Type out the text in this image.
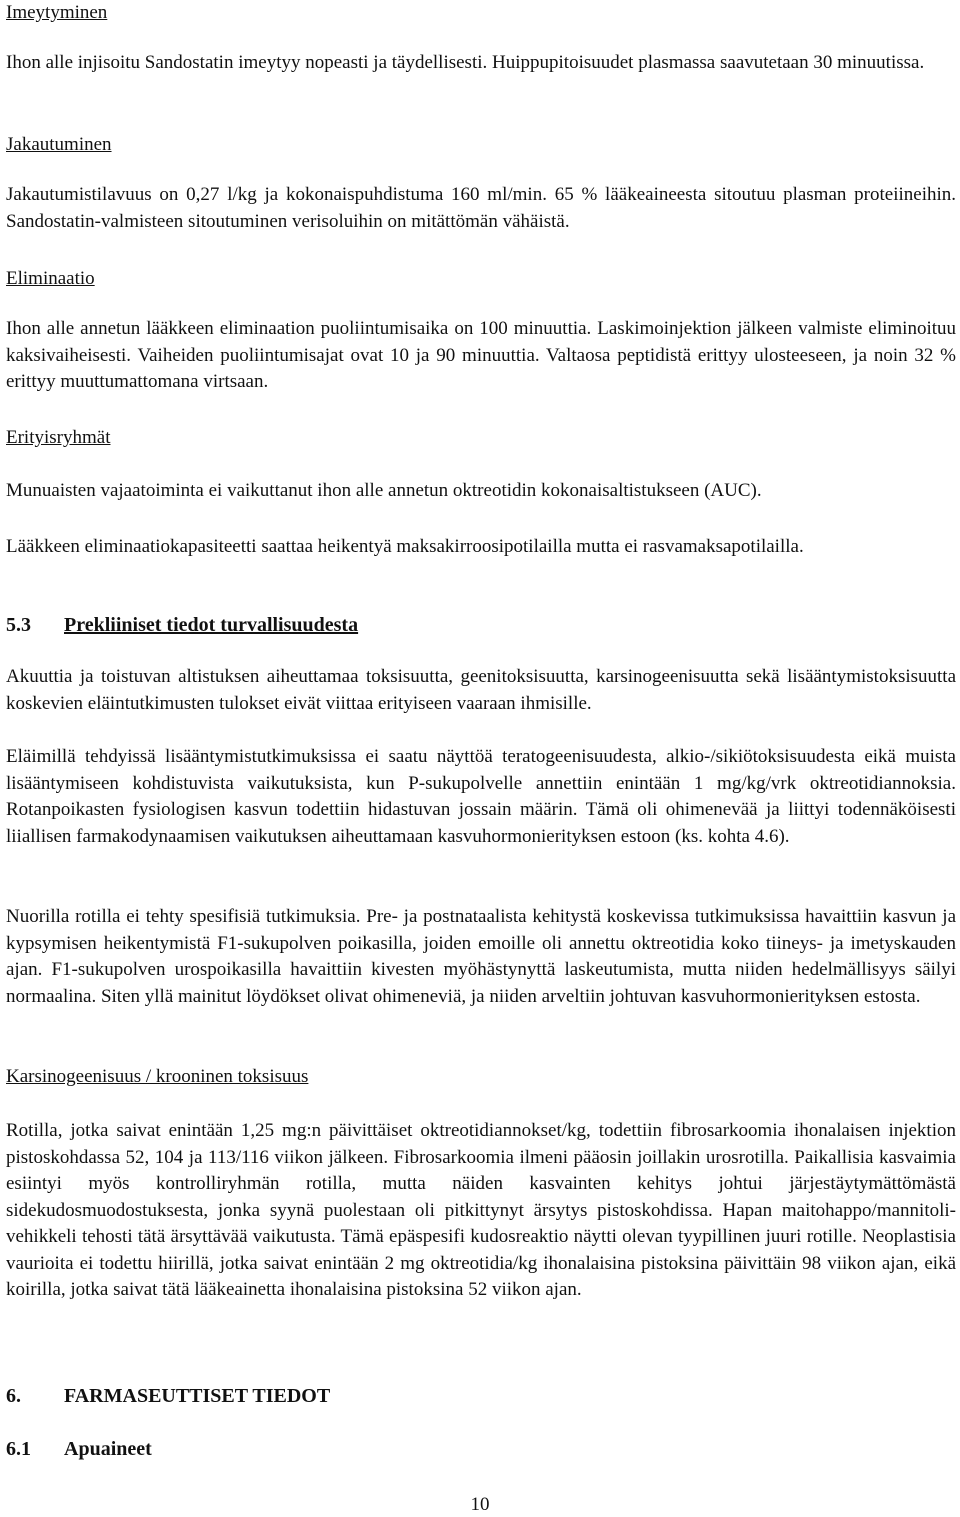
Imeytyminen

Ihon alle injisoitu Sandostatin imeytyy nopeasti ja täydellisesti. Huippupitoisuudet plasmassa saavutetaan 30 minuutissa.

Jakautuminen

Jakautumistilavuus on 0,27 l/kg ja kokonaispuhdistuma 160 ml/min. 65 % lääkeaineesta sitoutuu plasman proteiineihin. Sandostatin-valmisteen sitoutuminen verisoluihin on mitättömän vähäistä.

Eliminaatio

Ihon alle annetun lääkkeen eliminaation puoliintumisaika on 100 minuuttia. Laskimoinjektion jälkeen valmiste eliminoituu kaksivaiheisesti. Vaiheiden puoliintumisajat ovat 10 ja 90 minuuttia. Valtaosa peptidistä erittyy ulosteeseen, ja noin 32 % erittyy muuttumattomana virtsaan.

Erityisryhmät

Munuaisten vajaatoiminta ei vaikuttanut ihon alle annetun oktreotidin kokonaisaltistukseen (AUC).

Lääkkeen eliminaatiokapasiteetti saattaa heikentyä maksakirroosipotilailla mutta ei rasvamaksapotilailla.

5.3 Prekliiniset tiedot turvallisuudesta

Akuuttia ja toistuvan altistuksen aiheuttamaa toksisuutta, geenitoksisuutta, karsinogeenisuutta sekä lisääntymistoksisuutta koskevien eläintutkimusten tulokset eivät viittaa erityiseen vaaraan ihmisille.

Eläimillä tehdyissä lisääntymistutkimuksissa ei saatu näyttöä teratogeenisuudesta, alkio-/sikiötoksisuudesta eikä muista lisääntymiseen kohdistuvista vaikutuksista, kun P-sukupolvelle annettiin enintään 1 mg/kg/vrk oktreotidiannoksia. Rotanpoikasten fysiologisen kasvun todettiin hidastuvan jossain määrin. Tämä oli ohimenevää ja liittyi todennäköisesti liiallisen farmakodynaamisen vaikutuksen aiheuttamaan kasvuhormonierityksen estoon (ks. kohta 4.6).

Nuorilla rotilla ei tehty spesifisiä tutkimuksia. Pre- ja postnataalista kehitystä koskevissa tutkimuksissa havaittiin kasvun ja kypsymisen heikentymistä F1-sukupolven poikasilla, joiden emoille oli annettu oktreotidia koko tiineys- ja imetyskauden ajan. F1-sukupolven urospoikasilla havaittiin kivesten myöhästynyttä laskeutumista, mutta niiden hedelmällisyys säilyi normaalina. Siten yllä mainitut löydökset olivat ohimeneviä, ja niiden arveltiin johtuvan kasvuhormonierityksen estosta.

Karsinogeenisuus / krooninen toksisuus

Rotilla, jotka saivat enintään 1,25 mg:n päivittäiset oktreotidiannokset/kg, todettiin fibrosarkoomia ihonalaisen injektion pistoskohdassa 52, 104 ja 113/116 viikon jälkeen. Fibrosarkoomia ilmeni pääosin joillakin urosrotilla. Paikallisia kasvaimia esiintyi myös kontrolliryhmän rotilla, mutta näiden kasvainten kehitys johtui järjestäytymättömästä sidekudosmuodostuksesta, jonka syynä puolestaan oli pitkittynyt ärsytys pistoskohdissa. Hapan maitohappo/mannitoli-vehikkeli tehosti tätä ärsyttävää vaikutusta. Tämä epäspesifi kudosreaktio näytti olevan tyypillinen juuri rotille. Neoplastisia vaurioita ei todettu hiirillä, jotka saivat enintään 2 mg oktreotidia/kg ihonalaisina pistoksina päivittäin 98 viikon ajan, eikä koirilla, jotka saivat tätä lääkeainetta ihonalaisina pistoksina 52 viikon ajan.

6. FARMASEUTTISET TIEDOT

6.1 Apuaineet

10
